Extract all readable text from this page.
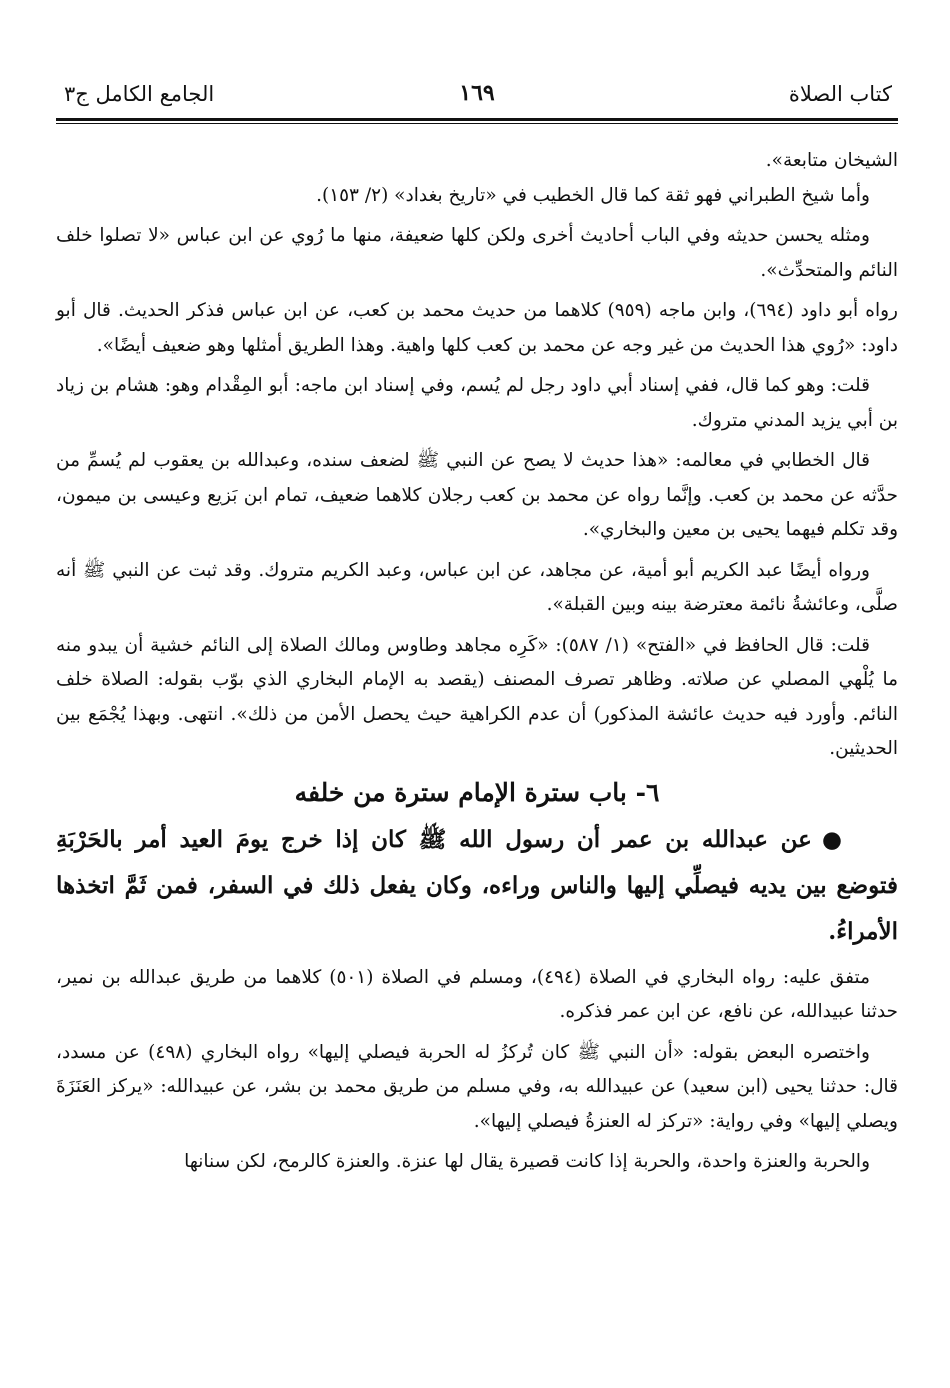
كتاب الصلاة
١٦٩
الجامع الكامل ج٣

الشيخان متابعة».

وأما شيخ الطبراني فهو ثقة كما قال الخطيب في «تاريخ بغداد» (٢/ ١٥٣).

ومثله يحسن حديثه وفي الباب أحاديث أخرى ولكن كلها ضعيفة، منها ما رُوي عن ابن عباس «لا تصلوا خلف النائم والمتحدِّث».

رواه أبو داود (٦٩٤)، وابن ماجه (٩٥٩) كلاهما من حديث محمد بن كعب، عن ابن عباس فذكر الحديث. قال أبو داود: «رُوي هذا الحديث من غير وجه عن محمد بن كعب كلها واهية. وهذا الطريق أمثلها وهو ضعيف أيضًا».

قلت: وهو كما قال، ففي إسناد أبي داود رجل لم يُسم، وفي إسناد ابن ماجه: أبو المِقْدام وهو: هشام بن زياد بن أبي يزيد المدني متروك.

قال الخطابي في معالمه: «هذا حديث لا يصح عن النبي ﷺ لضعف سنده، وعبدالله بن يعقوب لم يُسمِّ من حدَّثه عن محمد بن كعب. وإنَّما رواه عن محمد بن كعب رجلان كلاهما ضعيف، تمام ابن بَزيع وعيسى بن ميمون، وقد تكلم فيهما يحيى بن معين والبخاري».

ورواه أيضًا عبد الكريم أبو أمية، عن مجاهد، عن ابن عباس، وعبد الكريم متروك. وقد ثبت عن النبي ﷺ أنه صلَّى، وعائشةُ نائمة معترضة بينه وبين القبلة».

قلت: قال الحافظ في «الفتح» (١/ ٥٨٧): «كَرِه مجاهد وطاوس ومالك الصلاة إلى النائم خشية أن يبدو منه ما يُلْهي المصلي عن صلاته. وظاهر تصرف المصنف (يقصد به الإمام البخاري الذي بوّب بقوله: الصلاة خلف النائم. وأورد فيه حديث عائشة المذكور) أن عدم الكراهية حيث يحصل الأمن من ذلك». انتهى. وبهذا يُجْمَع بين الحديثين.

٦- باب سترة الإمام سترة من خلفه

●عن عبدالله بن عمر أن رسول الله ﷺ كان إذا خرج يومَ العيد أمر بالحَرْبَةِ فتوضع بين يديه فيصلِّي إليها والناس وراءه، وكان يفعل ذلك في السفر، فمن ثَمَّ اتخذها الأمراءُ.

متفق عليه: رواه البخاري في الصلاة (٤٩٤)، ومسلم في الصلاة (٥٠١) كلاهما من طريق عبدالله بن نمير، حدثنا عبيدالله، عن نافع، عن ابن عمر فذكره.

واختصره البعض بقوله: «أن النبي ﷺ كان تُركزُ له الحربة فيصلي إليها» رواه البخاري (٤٩٨) عن مسدد، قال: حدثنا يحيى (ابن سعيد) عن عبيدالله به، وفي مسلم من طريق محمد بن بشر، عن عبيدالله: «يركز العَنَزَةَ ويصلي إليها» وفي رواية: «تركز له العنزةُ فيصلي إليها».

والحربة والعنزة واحدة، والحربة إذا كانت قصيرة يقال لها عنزة. والعنزة كالرمح، لكن سنانها
